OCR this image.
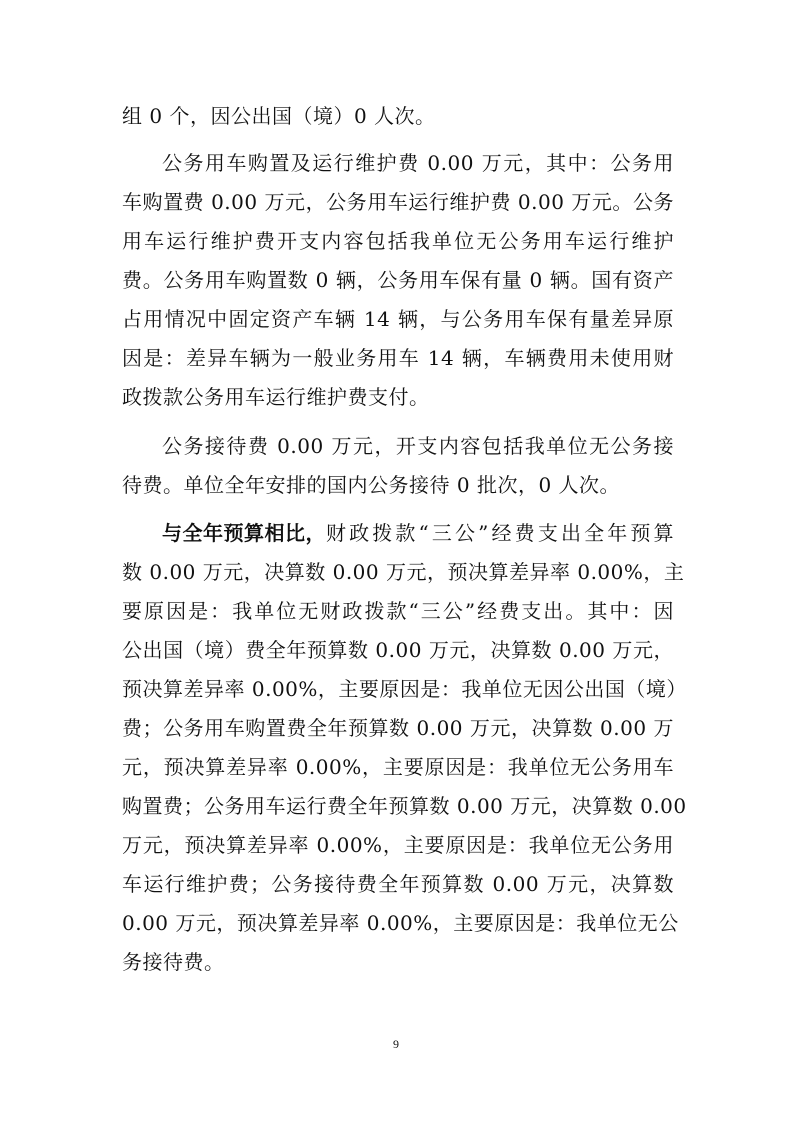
组 0 个，因公出国（境）0 人次。
公务用车购置及运行维护费 0.00 万元，其中：公务用
车购置费 0.00 万元，公务用车运行维护费 0.00 万元。公务
用车运行维护费开支内容包括我单位无公务用车运行维护
费。公务用车购置数 0 辆，公务用车保有量 0 辆。国有资产
占用情况中固定资产车辆 14 辆，与公务用车保有量差异原
因是：差异车辆为一般业务用车 14 辆，车辆费用未使用财
政拨款公务用车运行维护费支付。
公务接待费 0.00 万元，开支内容包括我单位无公务接
待费。单位全年安排的国内公务接待 0 批次，0 人次。
与全年预算相比， 财政拨款“三公”经费支出全年预算
数 0.00 万元，决算数 0.00 万元，预决算差异率 0.00%，主
要原因是：我单位无财政拨款“三公”经费支出。其中：因
公出国（境）费全年预算数 0.00 万元，决算数 0.00 万元，
预决算差异率 0.00%，主要原因是：我单位无因公出国（境）
费；公务用车购置费全年预算数 0.00 万元，决算数 0.00 万
元，预决算差异率 0.00%，主要原因是：我单位无公务用车
购置费；公务用车运行费全年预算数 0.00 万元，决算数 0.00
万元，预决算差异率 0.00%，主要原因是：我单位无公务用
车运行维护费；公务接待费全年预算数 0.00 万元，决算数
0.00 万元，预决算差异率 0.00%，主要原因是：我单位无公
务接待费。
9
